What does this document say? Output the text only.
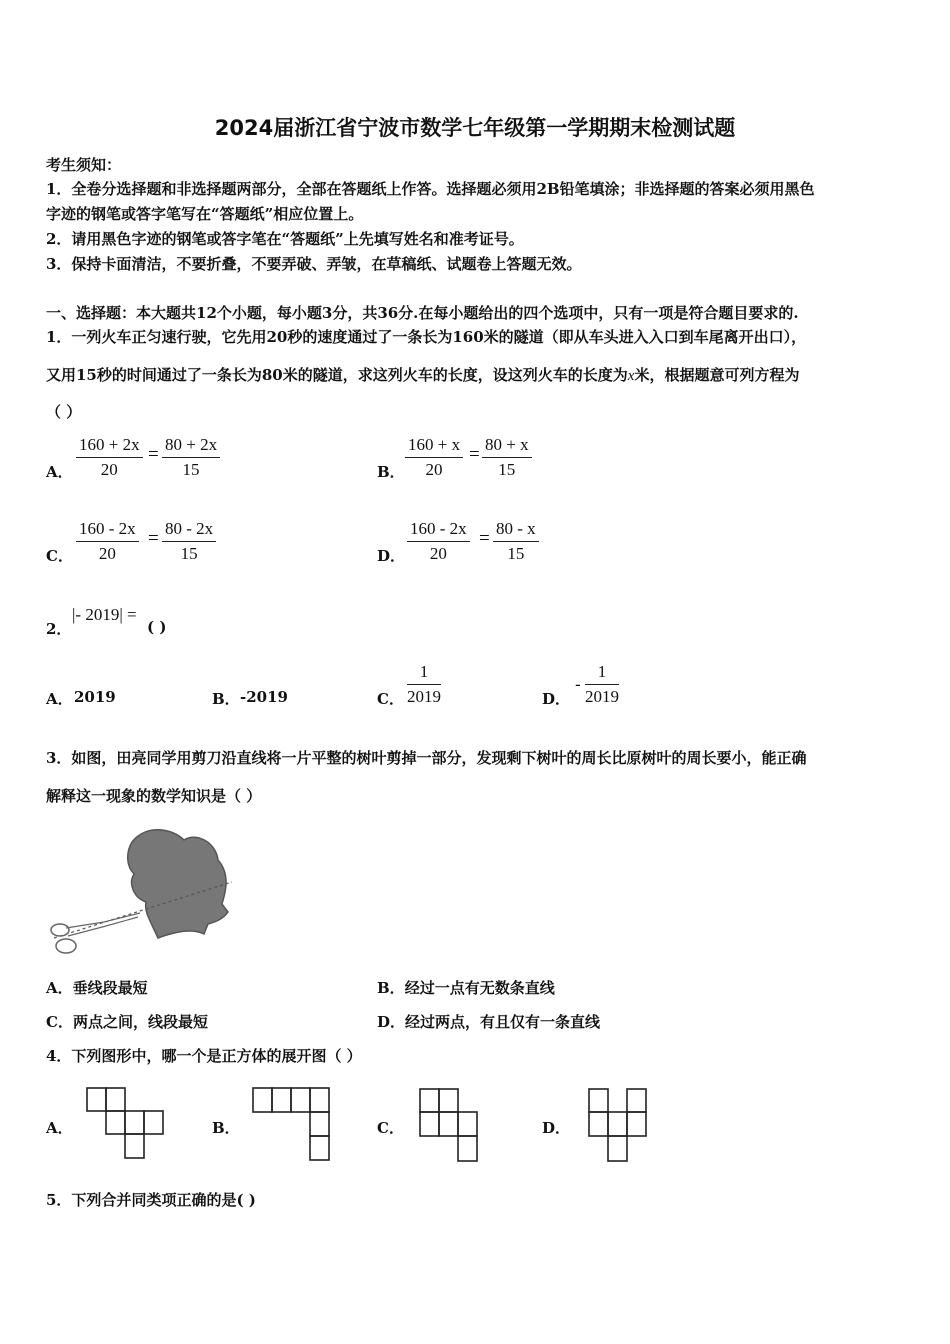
2024届浙江省宁波市数学七年级第一学期期末检测试题
考生须知：
1．全卷分选择题和非选择题两部分，全部在答题纸上作答。选择题必须用2B铅笔填涂；非选择题的答案必须用黑色
字迹的钢笔或答字笔写在“答题纸”相应位置上。
2．请用黑色字迹的钢笔或答字笔在“答题纸”上先填写姓名和准考证号。
3．保持卡面清洁，不要折叠，不要弄破、弄皱，在草稿纸、试题卷上答题无效。
一、选择题：本大题共12个小题，每小题3分，共36分.在每小题给出的四个选项中，只有一项是符合题目要求的.
1．一列火车正匀速行驶，它先用20秒的速度通过了一条长为160米的隧道（即从车头进入入口到车尾离开出口），
又用15秒的时间通过了一条长为80米的隧道，求这列火车的长度，设这列火车的长度为x米，根据题意可列方程为
（ ）
A． $\frac{160 + 2x}{20} = \frac{80 + 2x}{15}$	B． $\frac{160 + x}{20} = \frac{80 + x}{15}$
C． $\frac{160 - 2x}{20} = \frac{80 - 2x}{15}$	D． $\frac{160 - 2x}{20} = \frac{80 - x}{15}$
2．
|- 2019| =
( )
A． 2019	B． -2019	C． $\frac{1}{2019}$	D．
- $\frac{1}{2019}$
3．如图，田亮同学用剪刀沿直线将一片平整的树叶剪掉一部分，发现剩下树叶的周长比原树叶的周长要小，能正确
解释这一现象的数学知识是（ ）
A．垂线段最短	B．经过一点有无数条直线
C．两点之间，线段最短	D．经过两点，有且仅有一条直线
4．下列图形中，哪一个是正方体的展开图（ ）
A．	B．	C．	D．
5．下列合并同类项正确的是( )
